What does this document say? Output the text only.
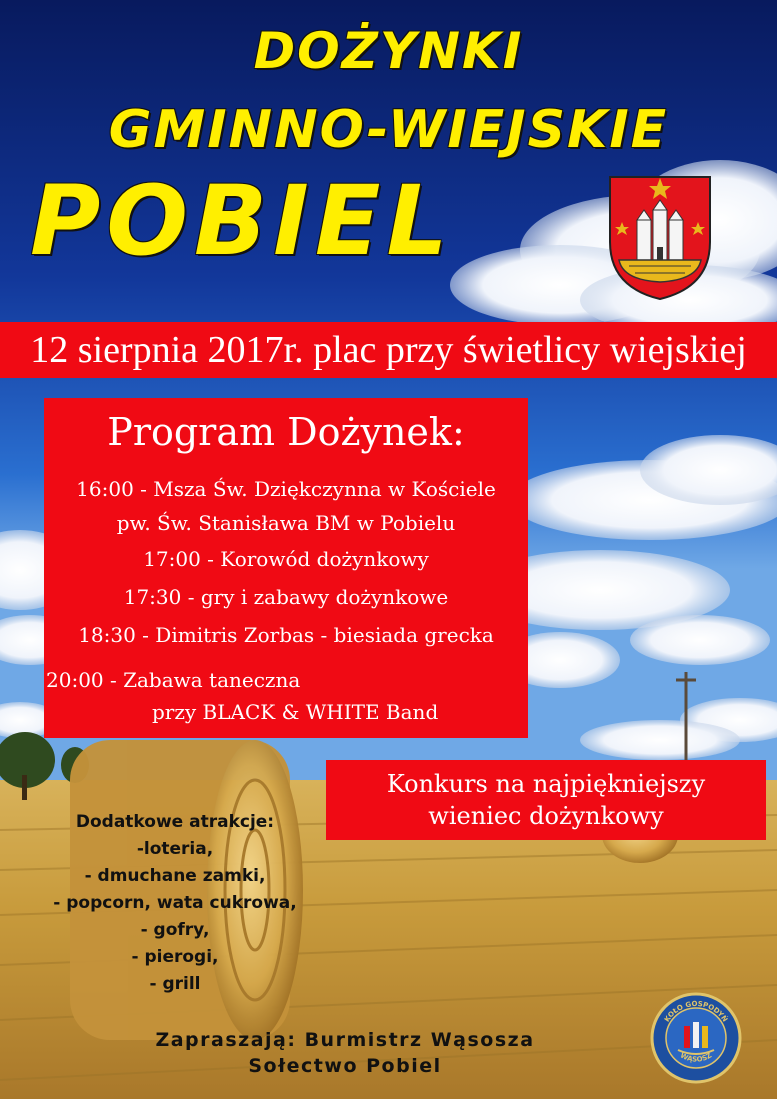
DOŻYNKI
GMINNO-WIEJSKIE
POBIEL
12 sierpnia 2017r. plac przy świetlicy wiejskiej
Program Dożynek:
16:00 - Msza Św. Dziękczynna w Kościele
pw. Św. Stanisława BM w Pobielu
17:00 - Korowód dożynkowy
17:30 - gry i zabawy dożynkowe
18:30 - Dimitris Zorbas - biesiada grecka
20:00 - Zabawa taneczna
przy BLACK & WHITE Band
Konkurs na najpiękniejszy
wieniec dożynkowy
Dodatkowe atrakcje:
-loteria,
- dmuchane zamki,
- popcorn, wata cukrowa,
- gofry,
- pierogi,
- grill
Zapraszają: Burmistrz Wąsosza
Sołectwo Pobiel
KOŁO GOSPODYŃ
WĄSOSZ
